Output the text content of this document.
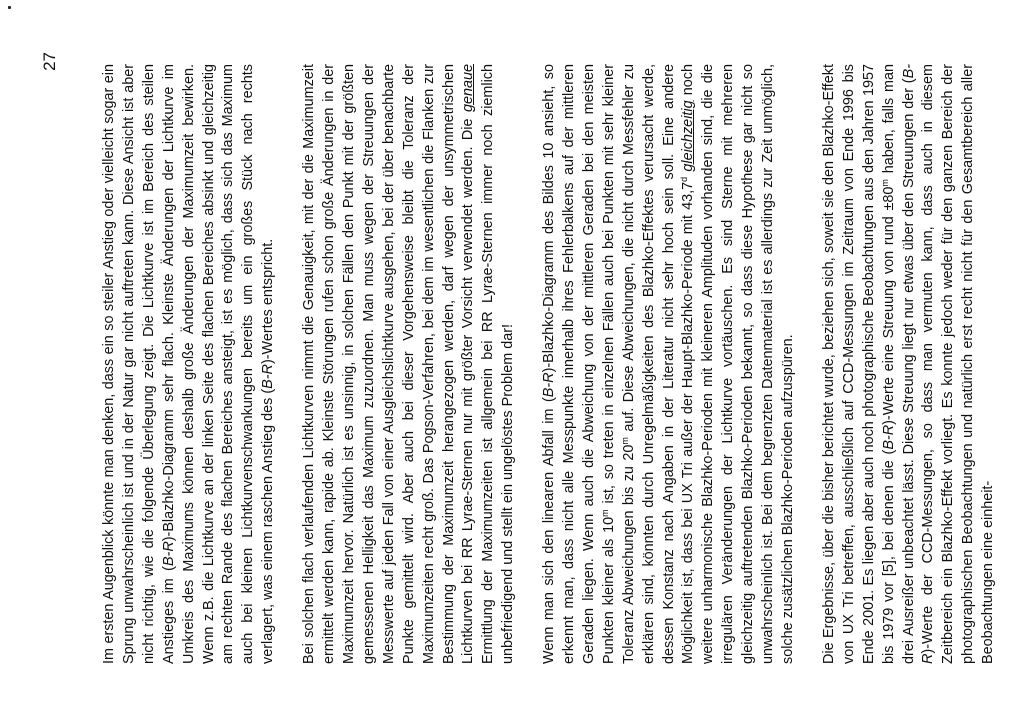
27

Im ersten Augenblick könnte man denken, dass ein so steiler Anstieg oder vielleicht sogar ein Sprung unwahrscheinlich ist und in der Natur gar nicht auftreten kann. Diese Ansicht ist aber nicht richtig, wie die folgende Überlegung zeigt. Die Lichtkurve ist im Bereich des steilen Anstieges im (B-R)-Blazhko-Diagramm sehr flach. Kleinste Änderungen der Lichtkurve im Umkreis des Maximums können deshalb große Änderungen der Maximumzeit bewirken. Wenn z.B. die Lichtkurve an der linken Seite des flachen Bereiches absinkt und gleichzeitig am rechten Rande des flachen Bereiches ansteigt, ist es möglich, dass sich das Maximum auch bei kleinen Lichtkurvenschwankungen bereits um ein großes Stück nach rechts verlagert, was einem raschen Anstieg des (B-R)-Wertes entspricht. Bei solchen flach verlaufenden Lichtkurven nimmt die Genauigkeit, mit der die Maximumzeit ermittelt werden kann, rapide ab. Kleinste Störungen rufen schon große Änderungen in der Maximumzeit hervor. Natürlich ist es unsinnig, in solchen Fällen den Punkt mit der größten gemessenen Helligkeit das Maximum zuzuordnen. Man muss wegen der Streuungen der Messwerte auf jeden Fall von einer Ausgleichslichtkurve ausgehen, bei der über benachbarte Punkte gemittelt wird. Aber auch bei dieser Vorgehensweise bleibt die Toleranz der Maximumzeiten recht groß. Das Pogson-Verfahren, bei dem im wesentlichen die Flanken zur Bestimmung der Maximumzeit herangezogen werden, darf wegen der unsymmetrischen Lichtkurven bei RR Lyrae-Sternen nur mit größter Vorsicht verwendet werden. Die genaue Ermittlung der Maximumzeiten ist allgemein bei RR Lyrae-Sternen immer noch ziemlich unbefriedigend und stellt ein ungelöstes Problem dar! Wenn man sich den linearen Abfall im (B-R)-Blazhko-Diagramm des Bildes 10 ansieht, so erkennt man, dass nicht alle Messpunkte innerhalb ihres Fehlerbalkens auf der mittleren Geraden liegen. Wenn auch die Abweichung von der mittleren Geraden bei den meisten Punkten kleiner als 10$^m$ ist, so treten in einzelnen Fällen auch bei Punkten mit sehr kleiner Toleranz Abweichungen bis zu 20$^m$ auf. Diese Abweichungen, die nicht durch Messfehler zu erklären sind, könnten durch Unregelmäßigkeiten des Blazhko-Effektes verursacht werde, dessen Konstanz nach Angaben in der Literatur nicht sehr hoch sein soll. Eine andere Möglichkeit ist, dass bei UX Tri außer der Haupt-Blazhko-Periode mit 43,7$^d$ gleichzeitig noch weitere unharmonische Blazhko-Perioden mit kleineren Amplituden vorhanden sind, die die irregulären Veränderungen der Lichtkurve vortäuschen. Es sind Sterne mit mehreren gleichzeitig auftretenden Blazhko-Perioden bekannt, so dass diese Hypothese gar nicht so unwahrscheinlich ist. Bei dem begrenzten Datenmaterial ist es allerdings zur Zeit unmöglich, solche zusätzlichen Blazhko-Perioden aufzuspüren. Die Ergebnisse, über die bisher berichtet wurde, beziehen sich, soweit sie den Blazhko-Effekt von UX Tri betreffen, ausschließlich auf CCD-Messungen im Zeitraum von Ende 1996 bis Ende 2001. Es liegen aber auch noch photographische Beobachtungen aus den Jahren 1957 bis 1979 vor [5], bei denen die (B-R)-Werte eine Streuung von rund $\pm 80^m$ haben, falls man drei Ausreißer unbeachtet lässt. Diese Streuung liegt nur etwas über den Streuungen der (B-R)-Werte der CCD-Messungen, so dass man vermuten kann, dass auch in diesem Zeitbereich ein Blazhko-Effekt vorliegt. Es konnte jedoch weder für den ganzen Bereich der photographischen Beobachtungen und natürlich erst recht nicht für den Gesamtbereich aller Beobachtungen eine einheit-
